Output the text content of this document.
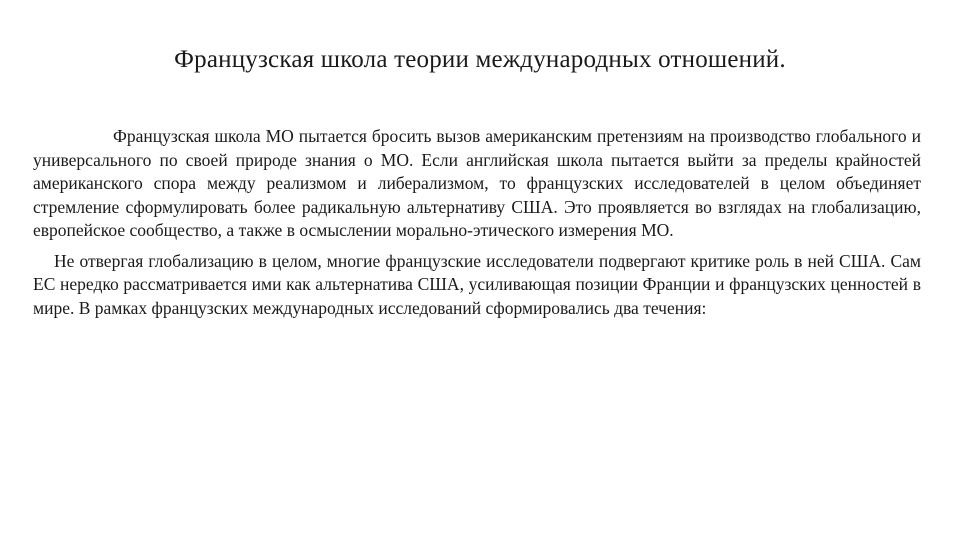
Французская школа теории международных отношений.

Французская школа МО пытается бросить вызов американским претензиям на производство глобального и универсального по своей природе знания о МО. Если английская школа пытается выйти за пределы крайностей американского спора между реализмом и либерализмом, то французских исследователей в целом объединяет стремление сформулировать более радикальную альтернативу США. Это проявляется во взглядах на глобализацию, европейское сообщество, а также в осмыслении морально-этического измерения МО.

Не отвергая глобализацию в целом, многие французские исследователи подвергают критике роль в ней США. Сам ЕС нередко рассматривается ими как альтернатива США, усиливающая позиции Франции и французских ценностей в мире. В рамках французских международных исследований сформировались два течения:
